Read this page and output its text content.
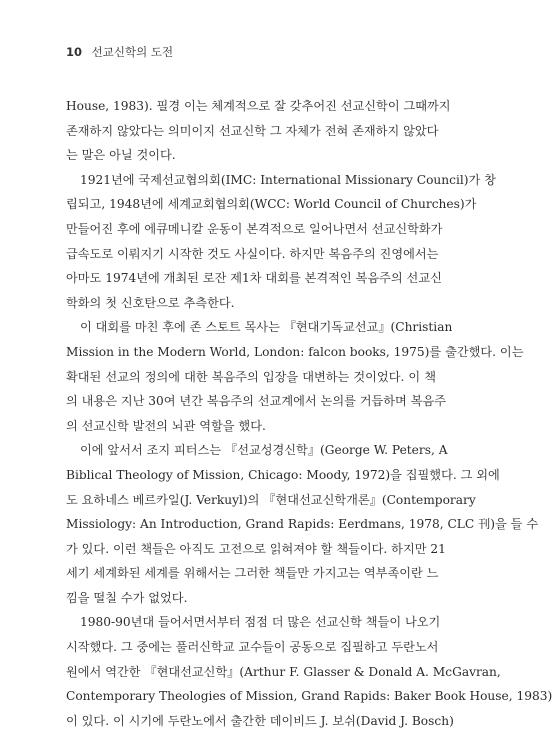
10 선교신학의 도전
House, 1983). 필경 이는 체계적으로 잘 갖추어진 선교신학이 그때까지
존재하지 않았다는 의미이지 선교신학 그 자체가 전혀 존재하지 않았다
는 말은 아닐 것이다.
1921년에 국제선교협의회(IMC: International Missionary Council)가 창
립되고, 1948년에 세계교회협의회(WCC: World Council of Churches)가
만들어진 후에 에큐메니칼 운동이 본격적으로 일어나면서 선교신학화가
급속도로 이뤄지기 시작한 것도 사실이다. 하지만 복음주의 진영에서는
아마도 1974년에 개최된 로잔 제1차 대회를 본격적인 복음주의 선교신
학화의 첫 신호탄으로 추측한다.
이 대회를 마친 후에 존 스토트 목사는 『현대기독교선교』(Christian
Mission in the Modern World, London: falcon books, 1975)를 출간했다. 이는
확대된 선교의 정의에 대한 복음주의 입장을 대변하는 것이었다. 이 책
의 내용은 지난 30여 년간 복음주의 선교계에서 논의를 거듭하며 복음주
의 선교신학 발전의 뇌관 역할을 했다.
이에 앞서서 조지 피터스는 『선교성경신학』(George W. Peters, A
Biblical Theology of Mission, Chicago: Moody, 1972)을 집필했다. 그 외에
도 요하네스 베르카일(J. Verkuyl)의 『현대선교신학개론』(Contemporary
Missiology: An Introduction, Grand Rapids: Eerdmans, 1978, CLC 刊)을 들 수
가 있다. 이런 책들은 아직도 고전으로 읽혀져야 할 책들이다. 하지만 21
세기 세계화된 세계를 위해서는 그러한 책들만 가지고는 역부족이란 느
낌을 떨칠 수가 없었다.
1980-90년대 들어서면서부터 점점 더 많은 선교신학 책들이 나오기
시작했다. 그 중에는 풀러신학교 교수들이 공동으로 집필하고 두란노서
원에서 역간한 『현대선교신학』(Arthur F. Glasser & Donald A. McGavran,
Contemporary Theologies of Mission, Grand Rapids: Baker Book House, 1983)
이 있다. 이 시기에 두란노에서 출간한 데이비드 J. 보쉬(David J. Bosch)
